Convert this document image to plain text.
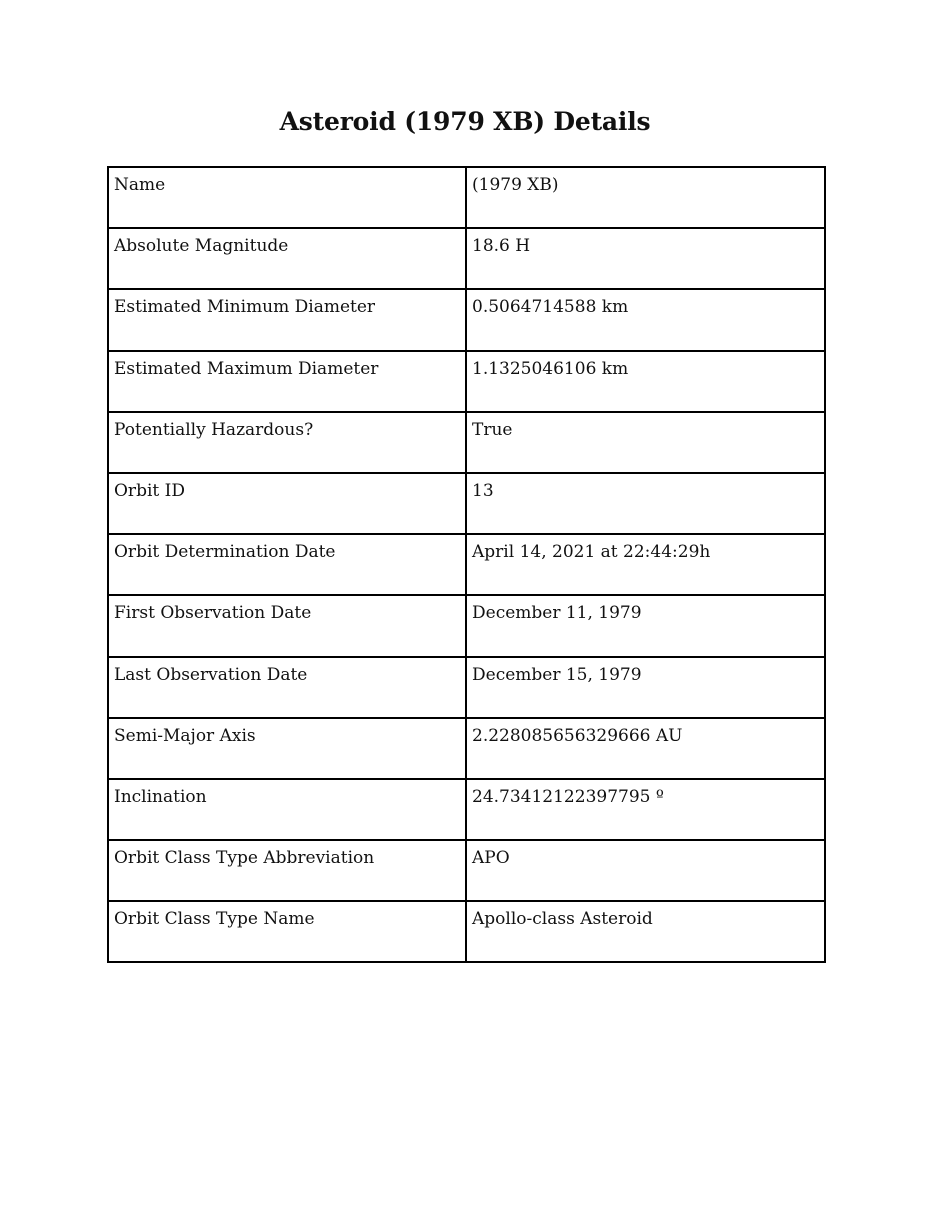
Asteroid (1979 XB) Details
Name	(1979 XB)
Absolute Magnitude	18.6 H
Estimated Minimum Diameter	0.5064714588 km
Estimated Maximum Diameter	1.1325046106 km
Potentially Hazardous?	True
Orbit ID	13
Orbit Determination Date	April 14, 2021 at 22:44:29h
First Observation Date	December 11, 1979
Last Observation Date	December 15, 1979
Semi-Major Axis	2.228085656329666 AU
Inclination	24.73412122397795 º
Orbit Class Type Abbreviation	APO
Orbit Class Type Name	Apollo-class Asteroid
